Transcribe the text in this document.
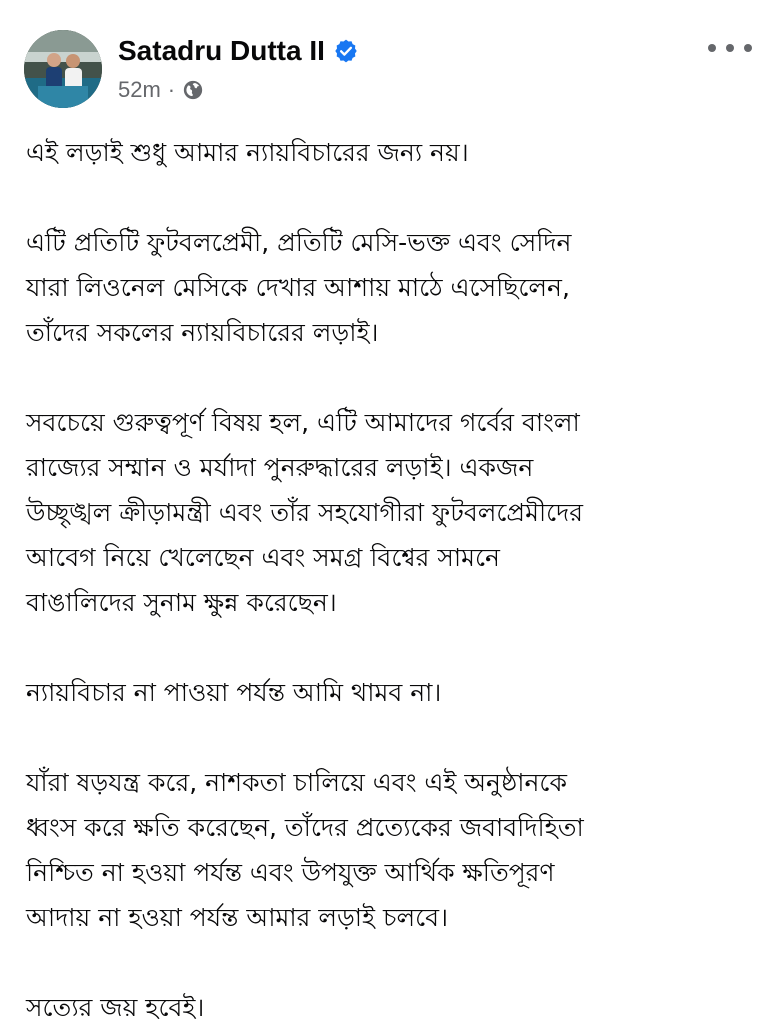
Satadru Dutta II
52m ·
এই লড়াই শুধু আমার ন্যায়বিচারের জন্য নয়।
এটি প্রতিটি ফুটবলপ্রেমী, প্রতিটি মেসি-ভক্ত এবং সেদিন
যারা লিওনেল মেসিকে দেখার আশায় মাঠে এসেছিলেন,
তাঁদের সকলের ন্যায়বিচারের লড়াই।
সবচেয়ে গুরুত্বপূর্ণ বিষয় হল, এটি আমাদের গর্বের বাংলা
রাজ্যের সম্মান ও মর্যাদা পুনরুদ্ধারের লড়াই। একজন
উচ্ছৃঙ্খল ক্রীড়ামন্ত্রী এবং তাঁর সহযোগীরা ফুটবলপ্রেমীদের
আবেগ নিয়ে খেলেছেন এবং সমগ্র বিশ্বের সামনে
বাঙালিদের সুনাম ক্ষুন্ন করেছেন।
ন্যায়বিচার না পাওয়া পর্যন্ত আমি থামব না।
যাঁরা ষড়যন্ত্র করে, নাশকতা চালিয়ে এবং এই অনুষ্ঠানকে
ধ্বংস করে ক্ষতি করেছেন, তাঁদের প্রত্যেকের জবাবদিহিতা
নিশ্চিত না হওয়া পর্যন্ত এবং উপযুক্ত আর্থিক ক্ষতিপূরণ
আদায় না হওয়া পর্যন্ত আমার লড়াই চলবে।
সত্যের জয় হবেই।
